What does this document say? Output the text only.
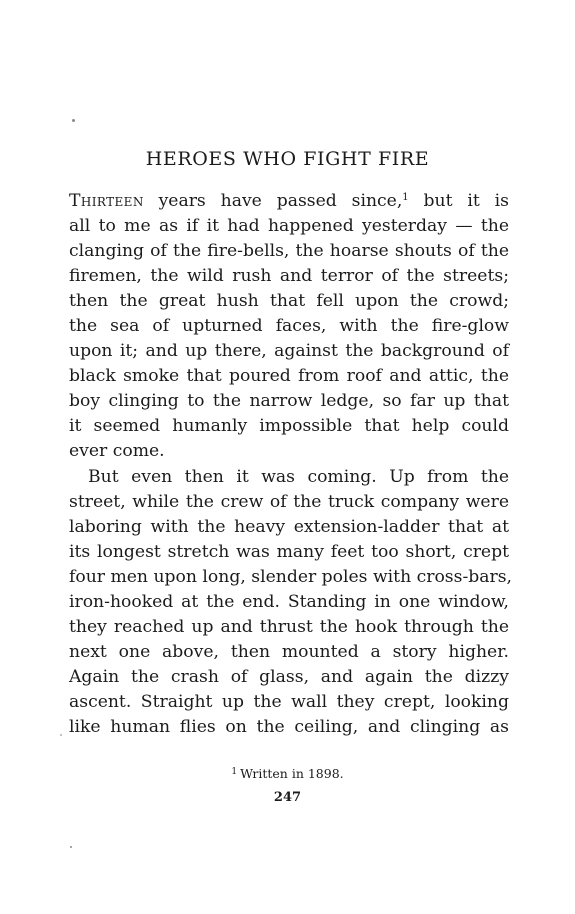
HEROES WHO FIGHT FIRE
Thirteen years have passed since,$^1$ but it is
all to me as if it had happened yesterday — the
clanging of the fire-bells, the hoarse shouts of the
firemen, the wild rush and terror of the streets;
then the great hush that fell upon the crowd;
the sea of upturned faces, with the fire-glow
upon it; and up there, against the background of
black smoke that poured from roof and attic, the
boy clinging to the narrow ledge, so far up that
it seemed humanly impossible that help could
ever come.
But even then it was coming. Up from the
street, while the crew of the truck company were
laboring with the heavy extension-ladder that at
its longest stretch was many feet too short, crept
four men upon long, slender poles with cross-bars,
iron-hooked at the end. Standing in one window,
they reached up and thrust the hook through the
next one above, then mounted a story higher.
Again the crash of glass, and again the dizzy
ascent. Straight up the wall they crept, looking
like human flies on the ceiling, and clinging as
$^1$ Written in 1898.
247
